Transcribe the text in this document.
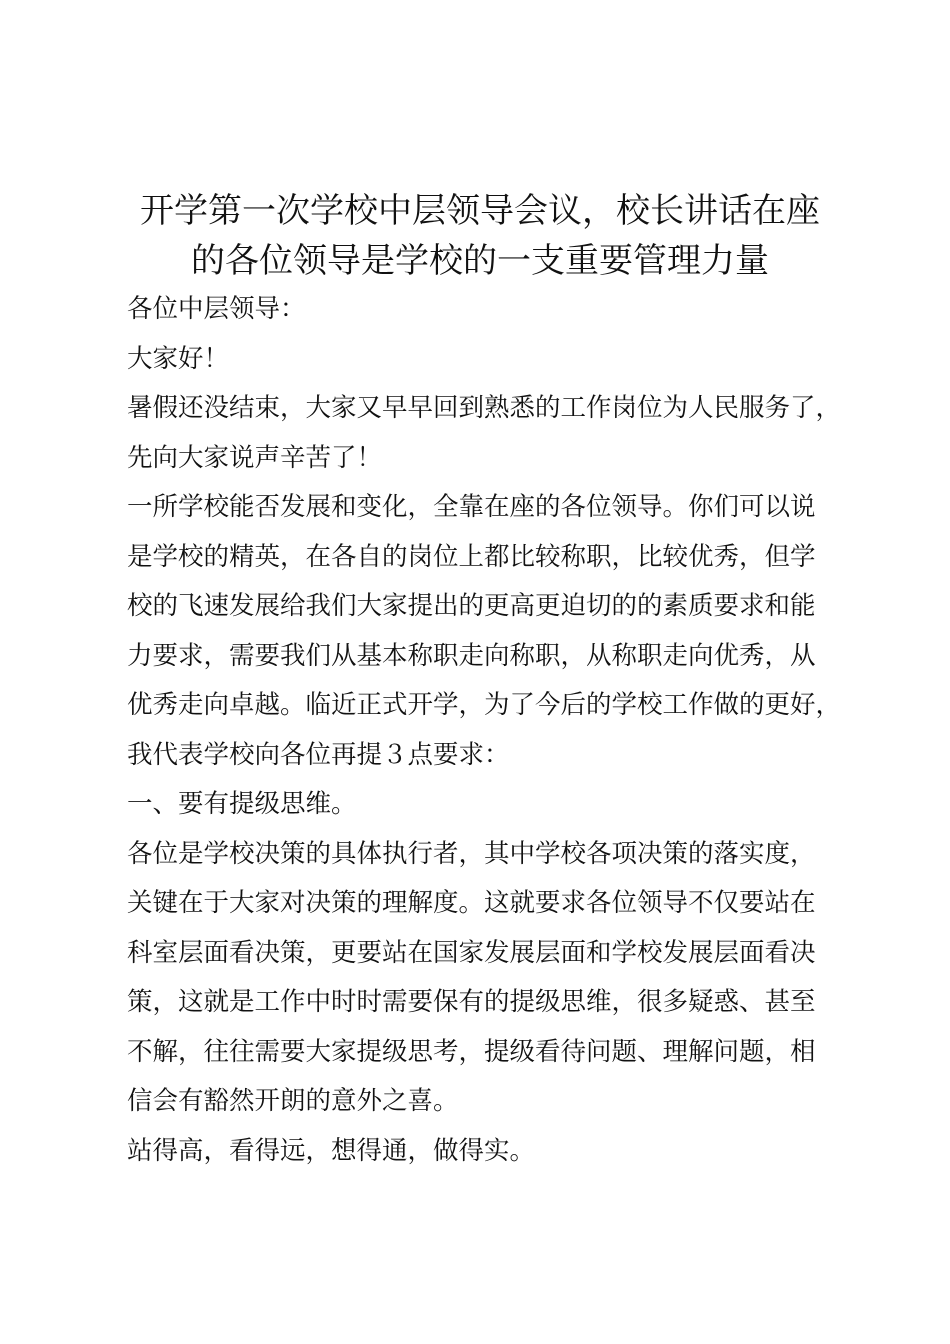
开学第一次学校中层领导会议，校长讲话在座
的各位领导是学校的一支重要管理力量
各位中层领导：
大家好！
暑假还没结束，大家又早早回到熟悉的工作岗位为人民服务了，
先向大家说声辛苦了！
一所学校能否发展和变化，全靠在座的各位领导。你们可以说
是学校的精英，在各自的岗位上都比较称职，比较优秀，但学
校的飞速发展给我们大家提出的更高更迫切的的素质要求和能
力要求，需要我们从基本称职走向称职，从称职走向优秀，从
优秀走向卓越。临近正式开学，为了今后的学校工作做的更好，
我代表学校向各位再提３点要求：
一、要有提级思维。
各位是学校决策的具体执行者，其中学校各项决策的落实度，
关键在于大家对决策的理解度。这就要求各位领导不仅要站在
科室层面看决策，更要站在国家发展层面和学校发展层面看决
策，这就是工作中时时需要保有的提级思维，很多疑惑、甚至
不解，往往需要大家提级思考，提级看待问题、理解问题，相
信会有豁然开朗的意外之喜。
站得高，看得远，想得通，做得实。
